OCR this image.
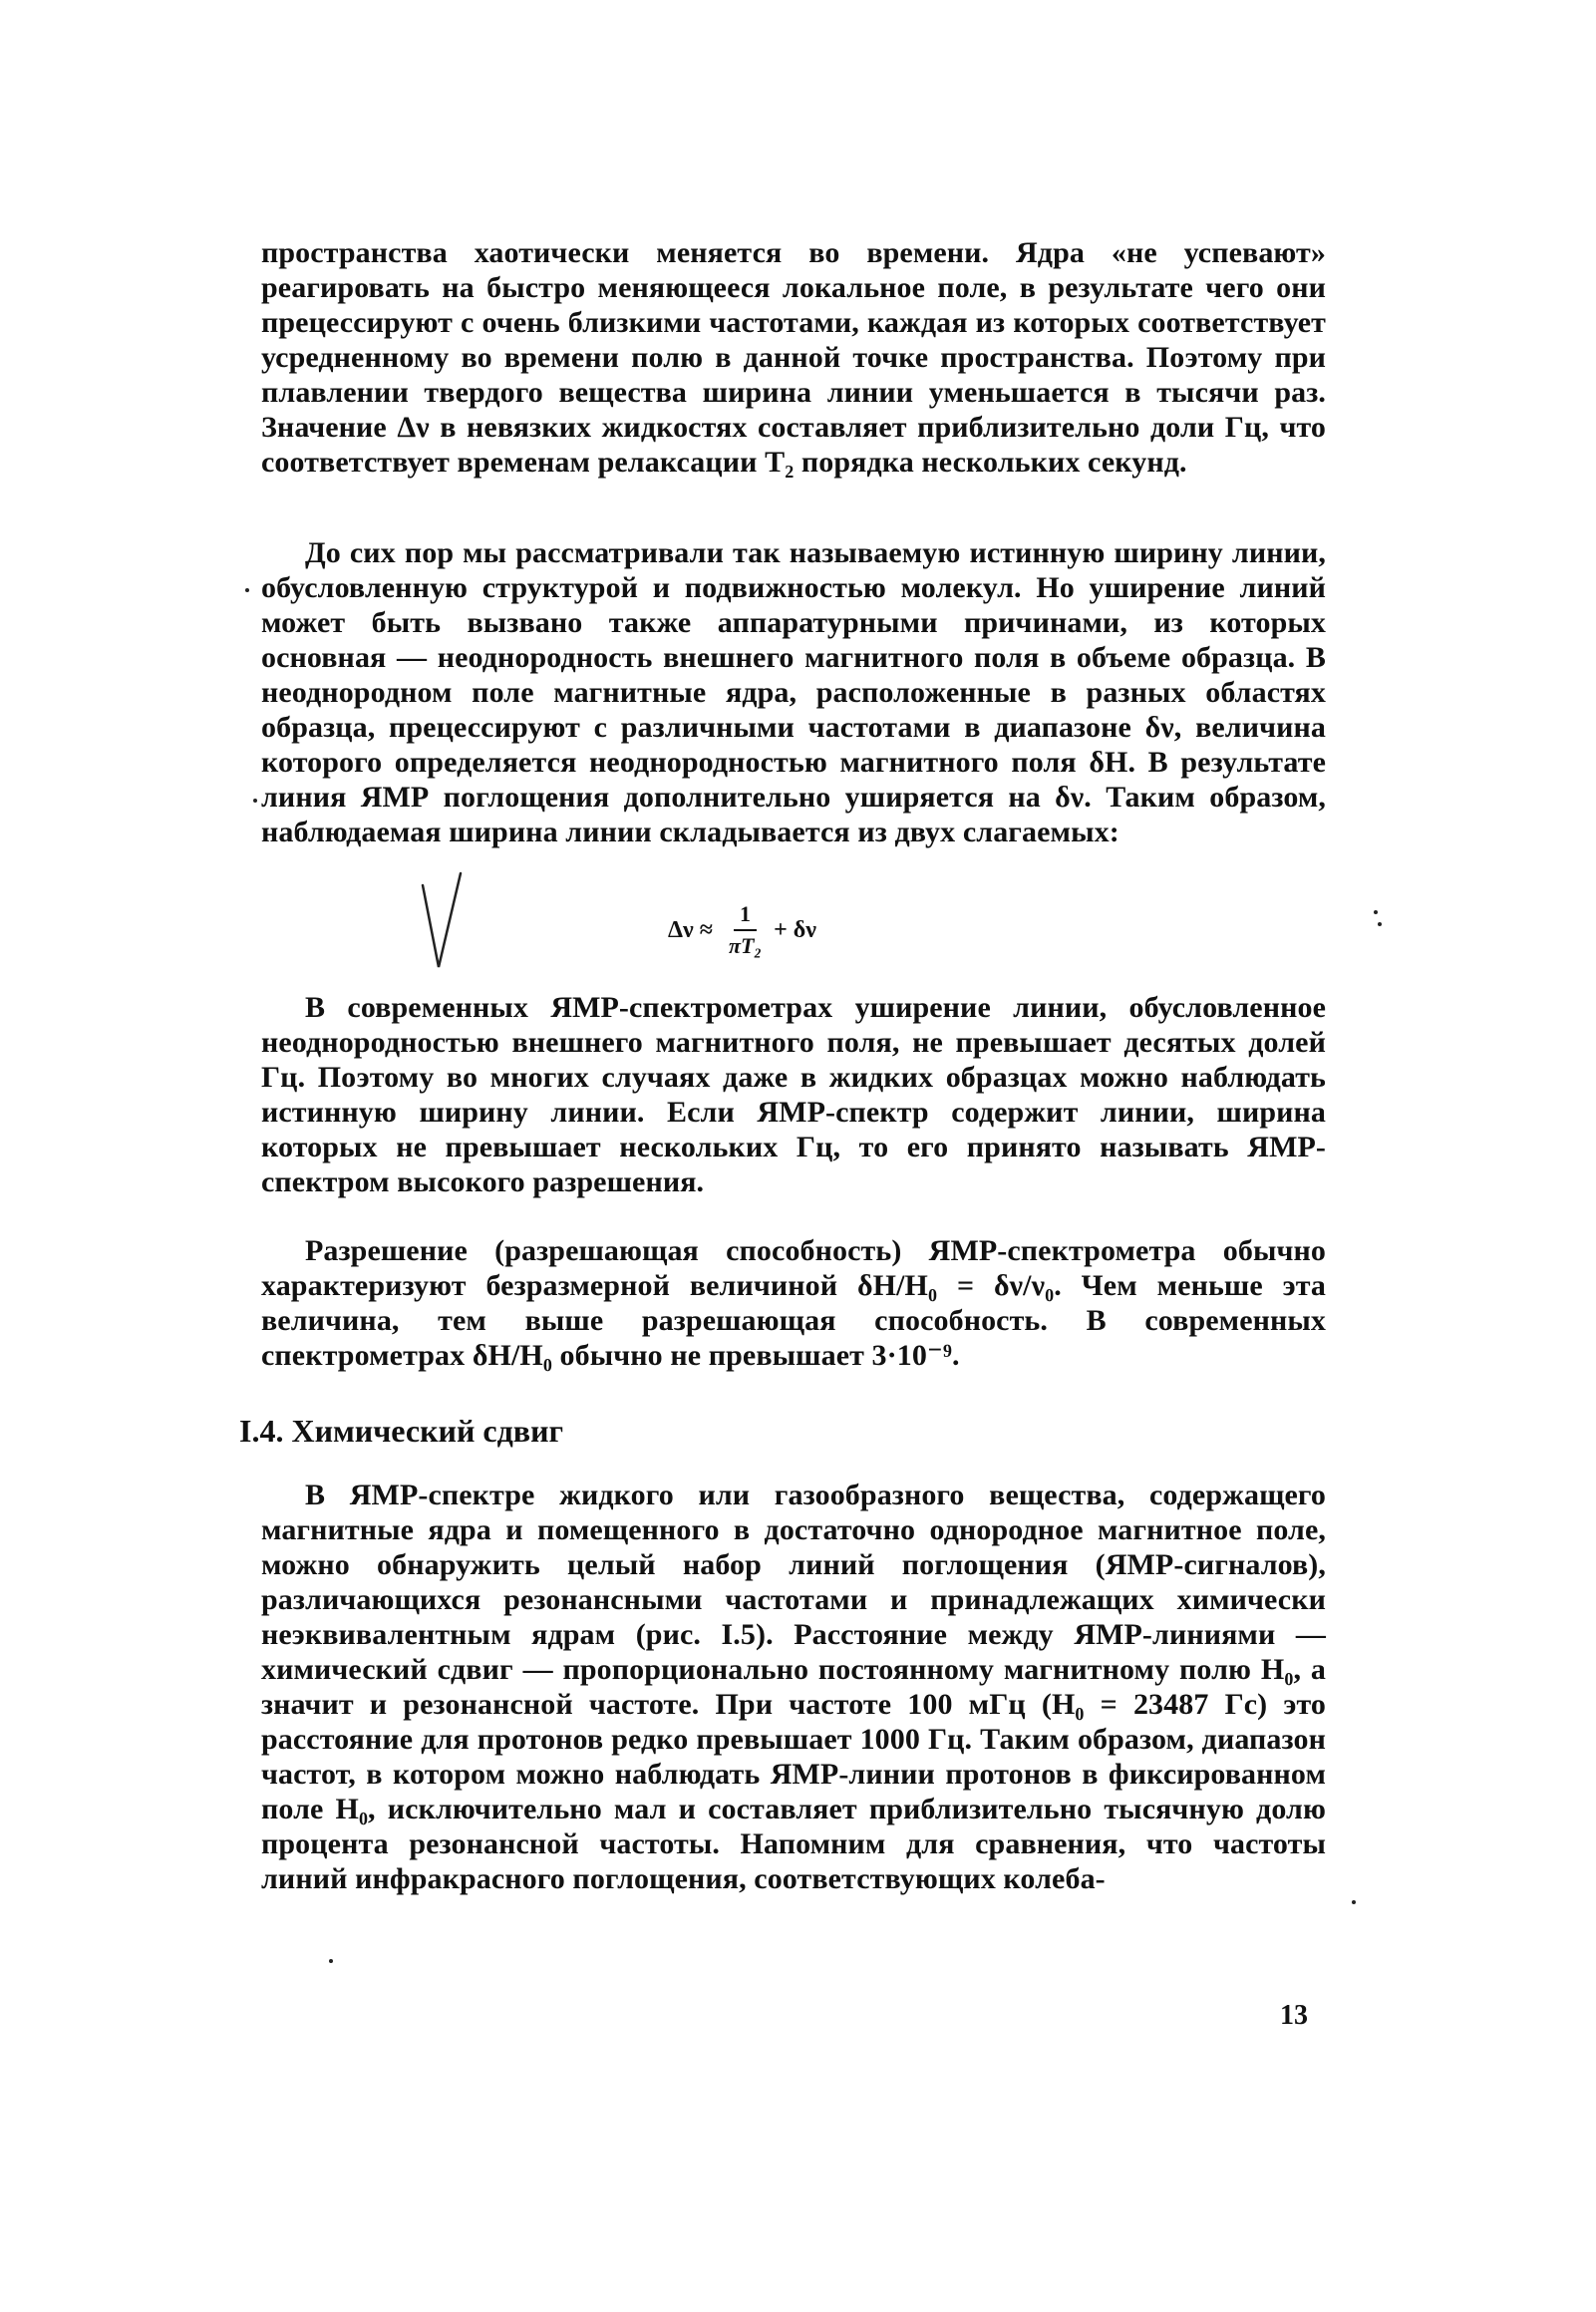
пространства хаотически меняется во времени. Ядра «не успевают» реагировать на быстро меняющееся локальное поле, в результате чего они прецессируют с очень близкими частотами, каждая из которых соответствует усредненному во времени полю в данной точке пространства. Поэтому при плавлении твердого вещества ширина линии уменьшается в тысячи раз. Значение Δν в невязких жидкостях составляет приблизительно доли Гц, что соответствует временам релаксации T₂ порядка нескольких секунд.

До сих пор мы рассматривали так называемую истинную ширину линии, обусловленную структурой и подвижностью молекул. Но уширение линий может быть вызвано также аппаратурными причинами, из которых основная — неоднородность внешнего магнитного поля в объеме образца. В неоднородном поле магнитные ядра, расположенные в разных областях образца, прецессируют с различными частотами в диапазоне δν, величина которого определяется неоднородностью магнитного поля δH. В результате линия ЯМР поглощения дополнительно уширяется на δν. Таким образом, наблюдаемая ширина линии складывается из двух слагаемых:

$\Delta\nu \approx \frac{1}{\text{πT₂}} + \delta\nu$

В современных ЯМР-спектрометрах уширение линии, обусловленное неоднородностью внешнего магнитного поля, не превышает десятых долей Гц. Поэтому во многих случаях даже в жидких образцах можно наблюдать истинную ширину линии. Если ЯМР-спектр содержит линии, ширина которых не превышает нескольких Гц, то его принято называть ЯМР-спектром высокого разрешения.

Разрешение (разрешающая способность) ЯМР-спектрометра обычно характеризуют безразмерной величиной δH/H₀ = δν/ν₀. Чем меньше эта величина, тем выше разрешающая способность. В современных спектрометрах δH/H₀ обычно не превышает 3·10⁻⁹.

I.4. Химический сдвиг

В ЯМР-спектре жидкого или газообразного вещества, содержащего магнитные ядра и помещенного в достаточно однородное магнитное поле, можно обнаружить целый набор линий поглощения (ЯМР-сигналов), различающихся резонансными частотами и принадлежащих химически неэквивалентным ядрам (рис. I.5). Расстояние между ЯМР-линиями — химический сдвиг — пропорционально постоянному магнитному полю H₀, а значит и резонансной частоте. При частоте 100 мГц (H₀ = 23487 Гс) это расстояние для протонов редко превышает 1000 Гц. Таким образом, диапазон частот, в котором можно наблюдать ЯМР-линии протонов в фиксированном поле H₀, исключительно мал и составляет приблизительно тысячную долю процента резонансной частоты. Напомним для сравнения, что частоты линий инфракрасного поглощения, соответствующих колеба-

13
